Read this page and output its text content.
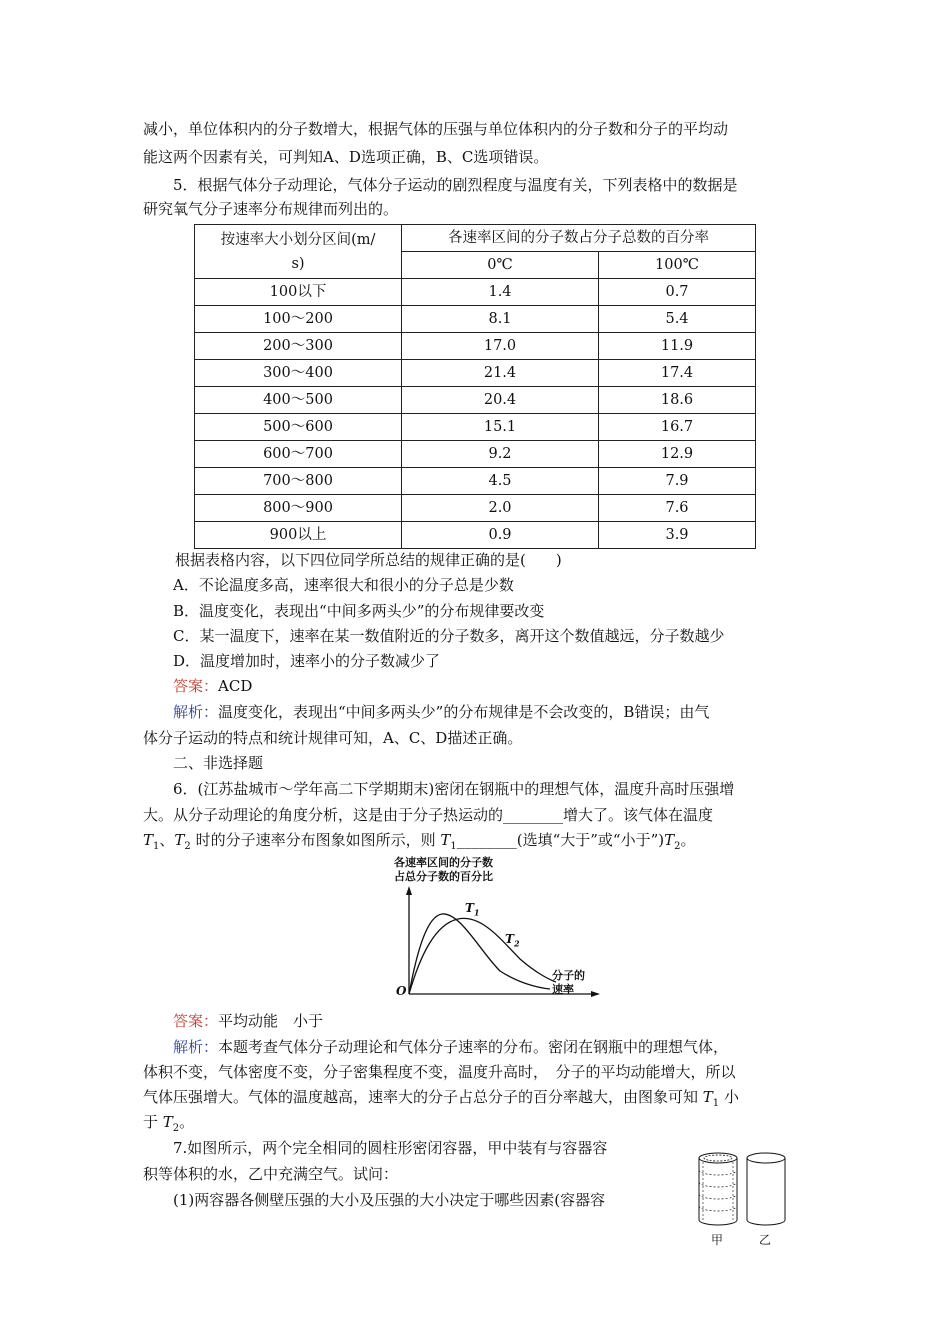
减小，单位体积内的分子数增大，根据气体的压强与单位体积内的分子数和分子的平均动
能这两个因素有关，可判知A、D选项正确，B、C选项错误。
5．根据气体分子动理论，气体分子运动的剧烈程度与温度有关，下列表格中的数据是
研究氧气分子速率分布规律而列出的。
按速率大小划分区间(m/
s)	各速率区间的分子数占分子总数的百分率	
	0℃	100℃
100以下	1.4	0.7
100～200	8.1	5.4
200～300	17.0	11.9
300～400	21.4	17.4
400～500	20.4	18.6
500～600	15.1	16.7
600～700	9.2	12.9
700～800	4.5	7.9
800～900	2.0	7.6
900以上	0.9	3.9
根据表格内容，以下四位同学所总结的规律正确的是(　　)
A．不论温度多高，速率很大和很小的分子总是少数
B．温度变化，表现出“中间多两头少”的分布规律要改变
C．某一温度下，速率在某一数值附近的分子数多，离开这个数值越远，分子数越少
D．温度增加时，速率小的分子数减少了
答案：ACD
解析：温度变化，表现出“中间多两头少”的分布规律是不会改变的，B错误；由气
体分子运动的特点和统计规律可知，A、C、D描述正确。
二、非选择题
6．(江苏盐城市～学年高二下学期期末)密闭在钢瓶中的理想气体，温度升高时压强增
大。从分子动理论的角度分析，这是由于分子热运动的________增大了。该气体在温度
$T_1$、$T_2$ 时的分子速率分布图象如图所示，则 $T_1\_\_\_\_\_\_\_\_$(选填“大于”或“小于$”)T_2$。
各速率区间的分子数
占总分子数的百分比
$T_1$
$T_2$
O
分子的
速率
答案：平均动能　小于
解析：本题考查气体分子动理论和气体分子速率的分布。密闭在钢瓶中的理想气体，
体积不变，气体密度不变，分子密集程度不变，温度升高时，　分子的平均动能增大，所以
气体压强增大。气体的温度越高，速率大的分子占总分子的百分率越大，由图象可知 $T_1$ 小
于 $T_2$。
7.如图所示，两个完全相同的圆柱形密闭容器，甲中装有与容器容
积等体积的水，乙中充满空气。试问：
(1)两容器各侧壁压强的大小及压强的大小决定于哪些因素(容器容
甲	乙
